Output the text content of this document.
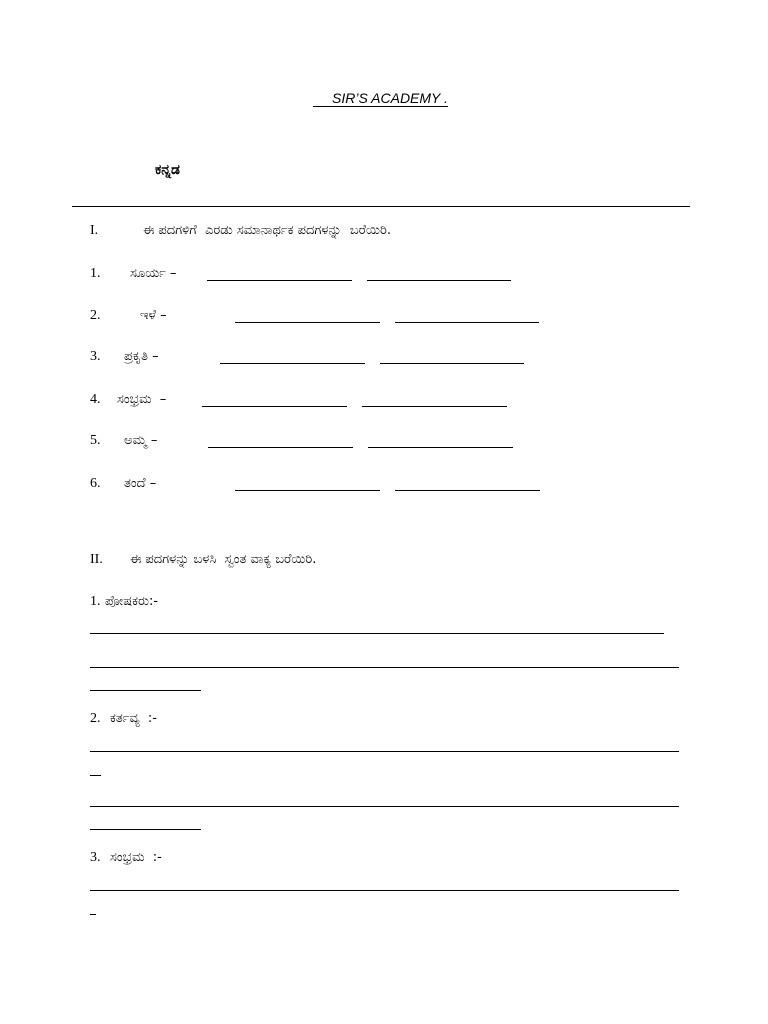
SIR’S ACADEMY .
ಕನ್ನಡ
I.	ಈ ಪದಗಳಿಗೆ  ಎರಡು ಸಮಾನಾರ್ಥಕ ಪದಗಳನ್ನು  ಬರೆಯಿರಿ.
1. ಸೂರ್ಯ –
2.	ಇಳೆ –
3. ಪ್ರಕೃತಿ –
4. ಸಂಭ್ರಮ  –
5. ಅಮ್ಮ –
6. ತಂದೆ –
II. ಈ ಪದಗಳನ್ನು ಬಳಸಿ  ಸ್ವಂತ ವಾಕ್ಯ ಬರೆಯಿರಿ.
1. ಪೋಷಕರು:-
2. ಕರ್ತವ್ಯ  :-
3. ಸಂಭ್ರಮ  :-
